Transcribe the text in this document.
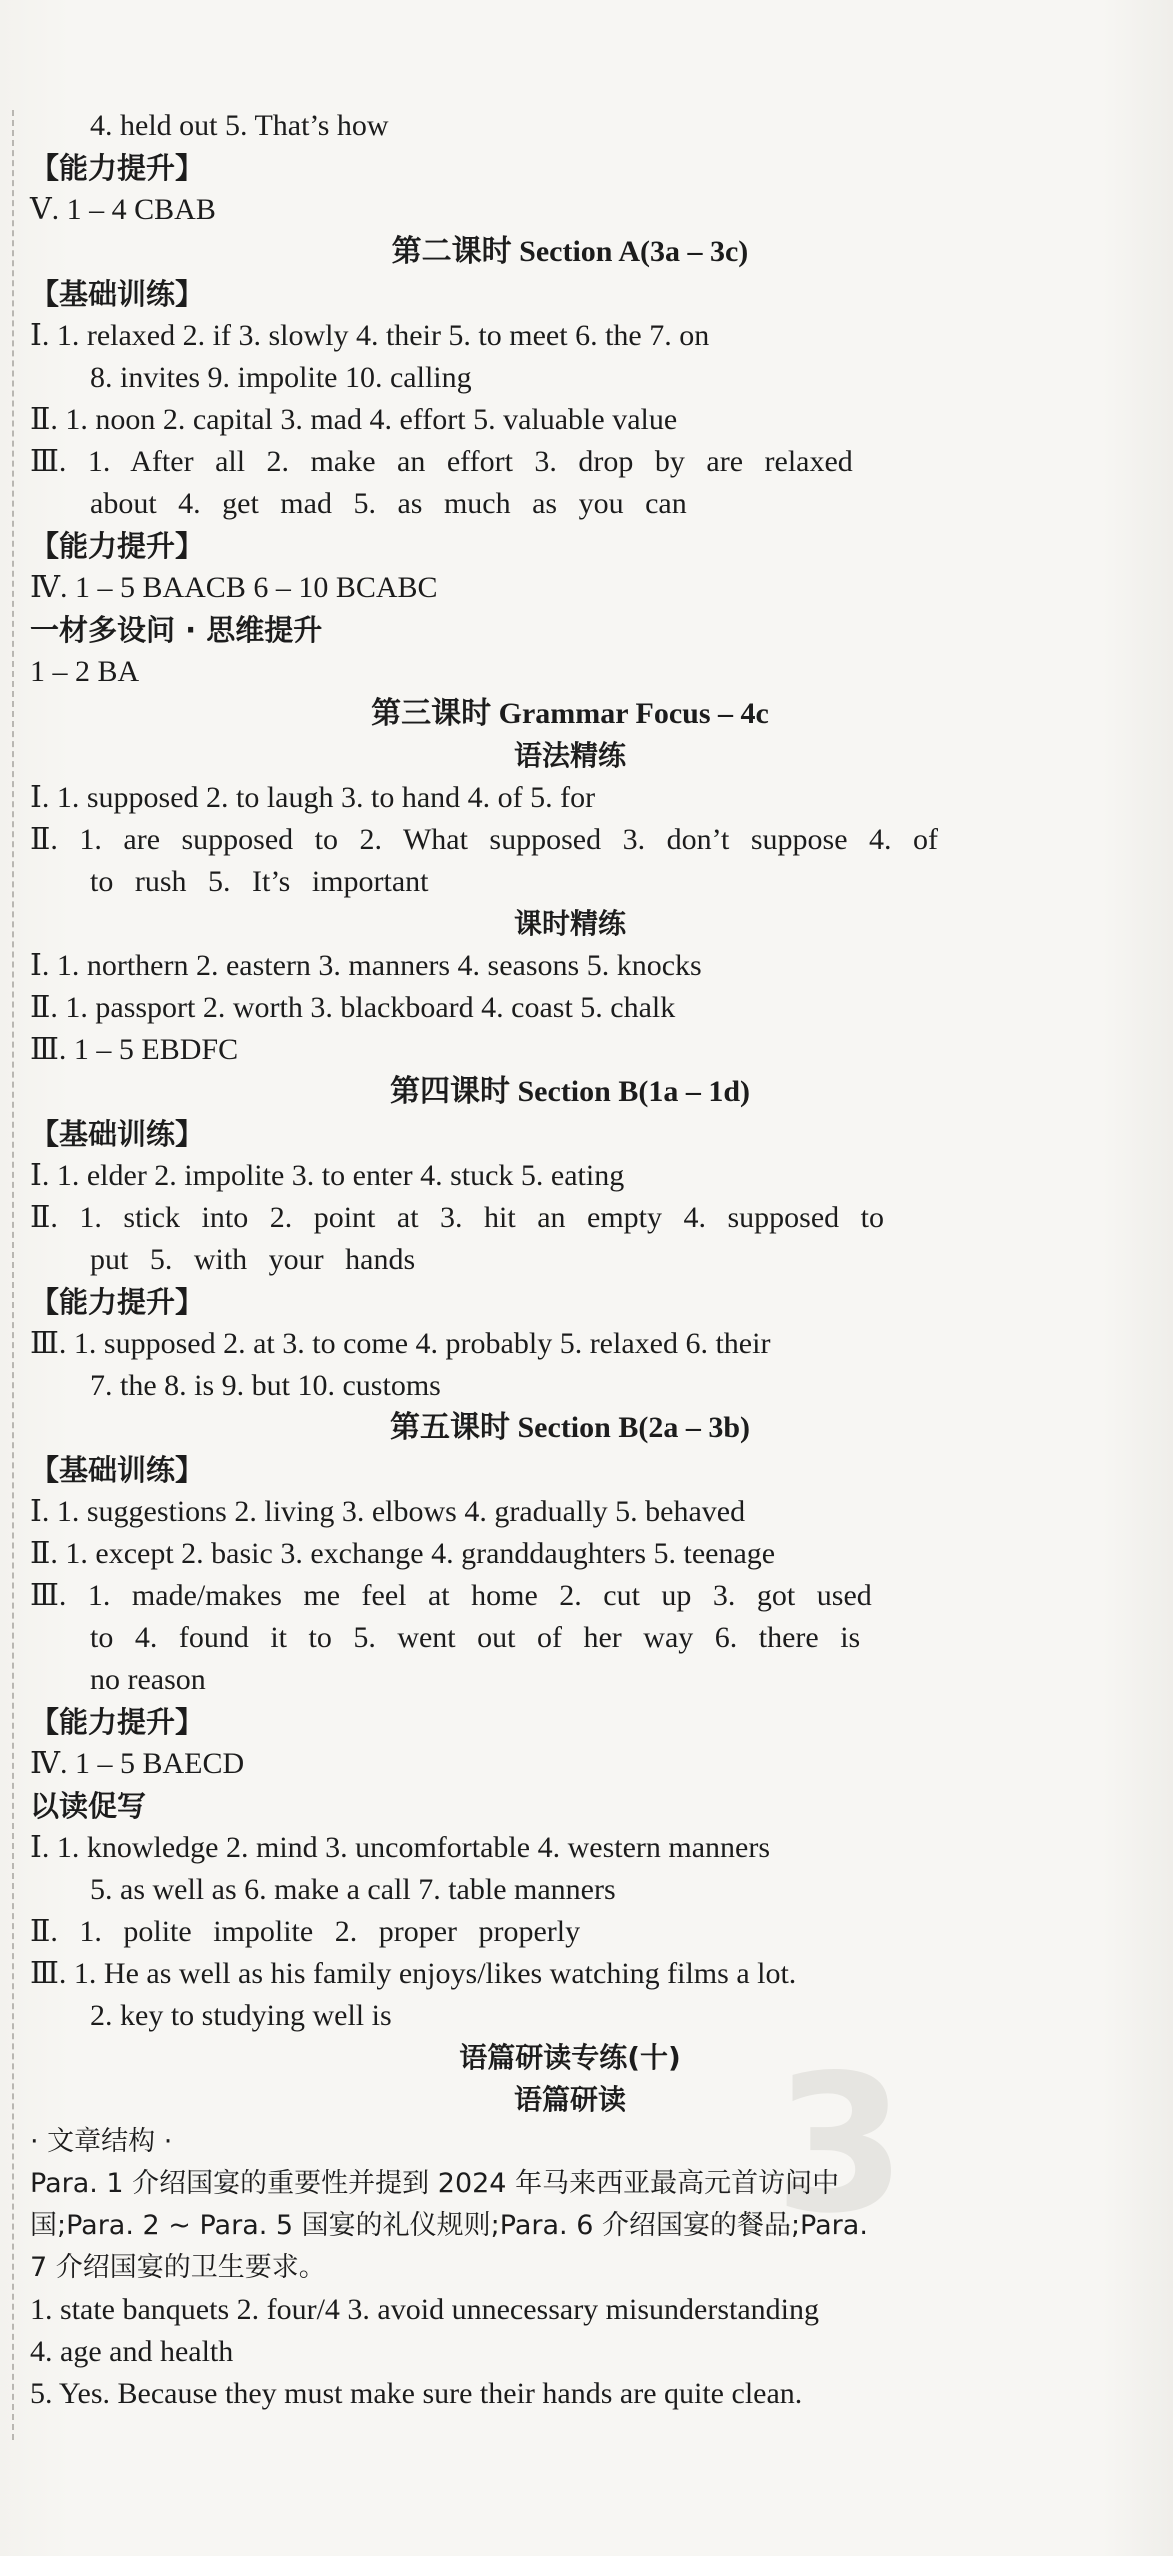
3
4. held out 5. That’s how
【能力提升】
Ⅴ. 1 – 4 CBAB
第二课时 Section A(3a – 3c)
【基础训练】
Ⅰ. 1. relaxed 2. if 3. slowly 4. their 5. to meet 6. the 7. on
8. invites 9. impolite 10. calling
Ⅱ. 1. noon 2. capital 3. mad 4. effort 5. valuable value
Ⅲ. 1. After all 2. make an effort 3. drop by are relaxed
about 4. get mad 5. as much as you can
【能力提升】
Ⅳ. 1 – 5 BAACB 6 – 10 BCABC
一材多设问 · 思维提升
1 – 2 BA
第三课时 Grammar Focus – 4c
语法精练
Ⅰ. 1. supposed 2. to laugh 3. to hand 4. of 5. for
Ⅱ. 1. are supposed to 2. What supposed 3. don’t suppose 4. of
to rush 5. It’s important
课时精练
Ⅰ. 1. northern 2. eastern 3. manners 4. seasons 5. knocks
Ⅱ. 1. passport 2. worth 3. blackboard 4. coast 5. chalk
Ⅲ. 1 – 5 EBDFC
第四课时 Section B(1a – 1d)
【基础训练】
Ⅰ. 1. elder 2. impolite 3. to enter 4. stuck 5. eating
Ⅱ. 1. stick into 2. point at 3. hit an empty 4. supposed to
put 5. with your hands
【能力提升】
Ⅲ. 1. supposed 2. at 3. to come 4. probably 5. relaxed 6. their
7. the 8. is 9. but 10. customs
第五课时 Section B(2a – 3b)
【基础训练】
Ⅰ. 1. suggestions 2. living 3. elbows 4. gradually 5. behaved
Ⅱ. 1. except 2. basic 3. exchange 4. granddaughters 5. teenage
Ⅲ. 1. made/makes me feel at home 2. cut up 3. got used
to 4. found it to 5. went out of her way 6. there is
no reason
【能力提升】
Ⅳ. 1 – 5 BAECD
以读促写
Ⅰ. 1. knowledge 2. mind 3. uncomfortable 4. western manners
5. as well as 6. make a call 7. table manners
Ⅱ. 1. polite impolite 2. proper properly
Ⅲ. 1. He as well as his family enjoys/likes watching films a lot.
2. key to studying well is
语篇研读专练(十)
语篇研读
· 文章结构 ·
Para. 1 介绍国宴的重要性并提到 2024 年马来西亚最高元首访问中
国;Para. 2 ~ Para. 5 国宴的礼仪规则;Para. 6 介绍国宴的餐品;Para.
7 介绍国宴的卫生要求。
1. state banquets 2. four/4 3. avoid unnecessary misunderstanding
4. age and health
5. Yes. Because they must make sure their hands are quite clean.
